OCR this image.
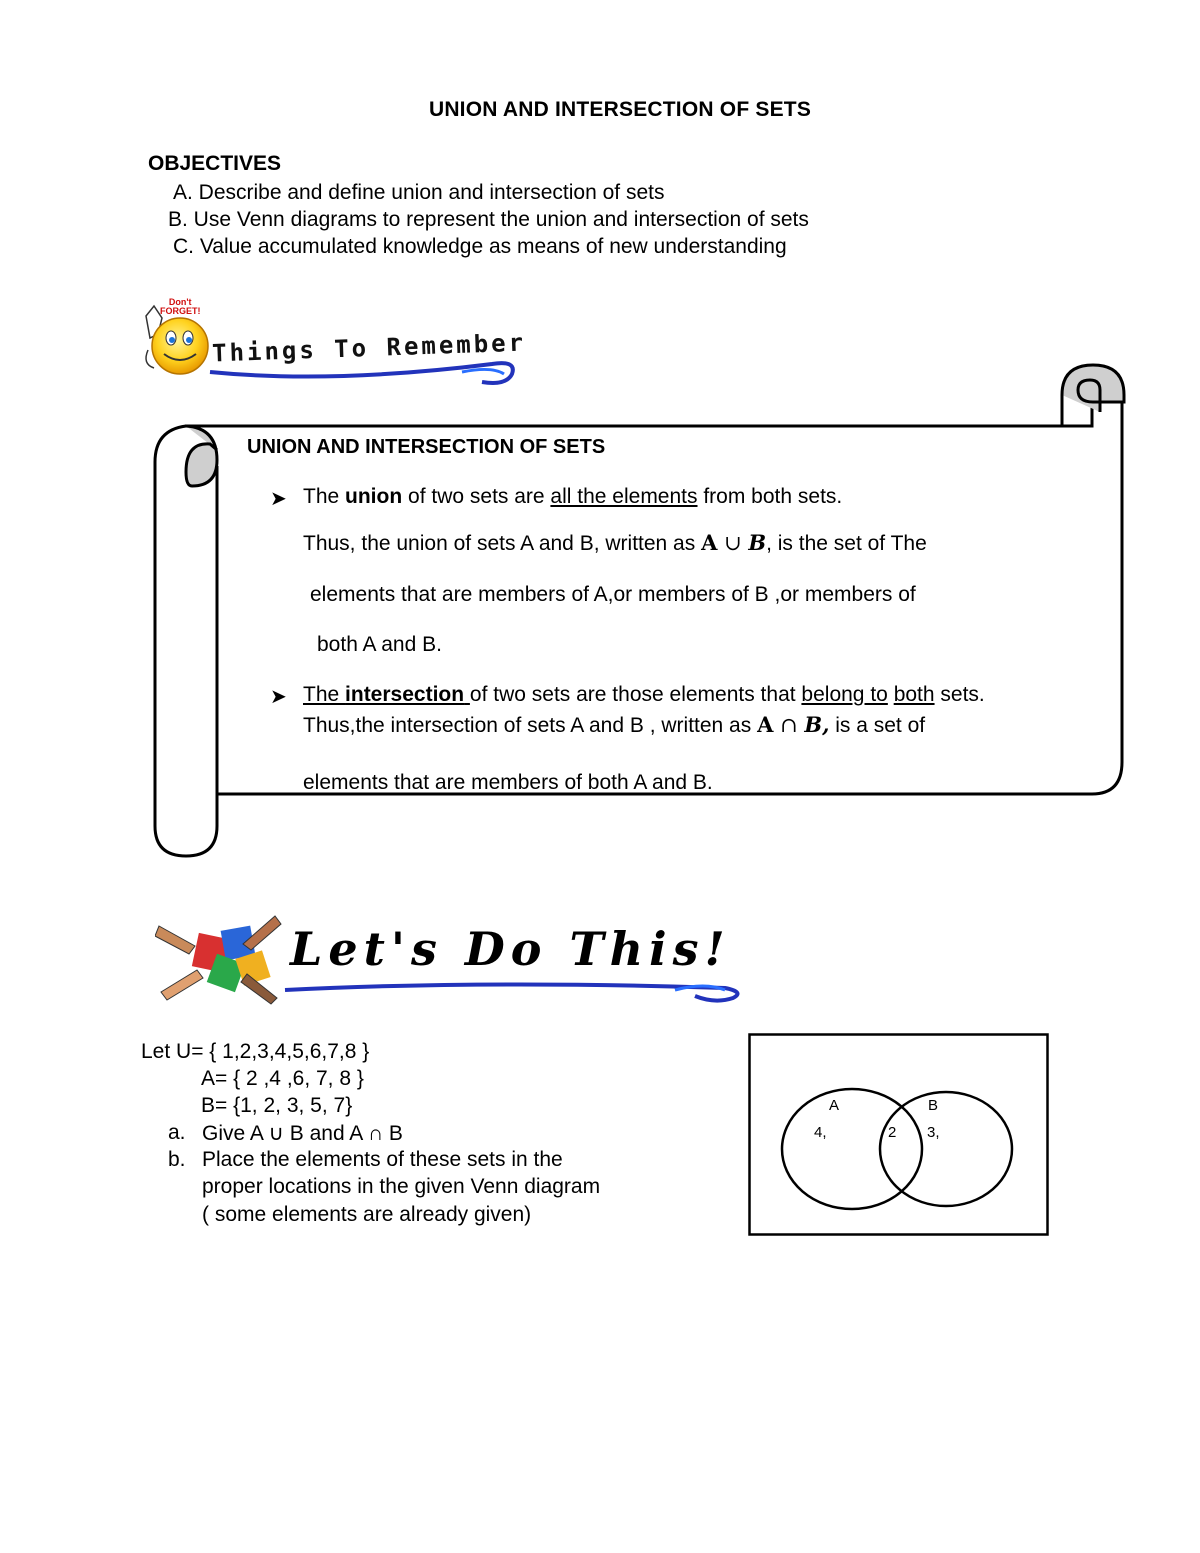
UNION AND INTERSECTION OF SETS
OBJECTIVES
A. Describe and define union and intersection of sets
B. Use Venn diagrams to represent the union and intersection of sets
C. Value accumulated knowledge as means of new understanding
Don't
FORGET!
Things To Remember
UNION AND INTERSECTION OF SETS
➤ The union of two sets are all the elements from both sets.
Thus, the union of sets A and B, written as A ∪ B, is the set of The
elements that are members of A,or members of B ,or members of
both A and B.
➤ The intersection of two sets are those elements that belong to both sets.
Thus,the intersection of sets A and B , written as A ∩ B, is a set of
elements that are members of both A and B.
Let's Do This!
Let U= { 1,2,3,4,5,6,7,8 }
A= { 2 ,4 ,6, 7, 8 }
B= {1, 2, 3, 5, 7}
a. Give A ∪ B and A ∩ B
b. Place the elements of these sets in the
proper locations in the given Venn diagram
( some elements are already given)
A	B
4,	2 3,
